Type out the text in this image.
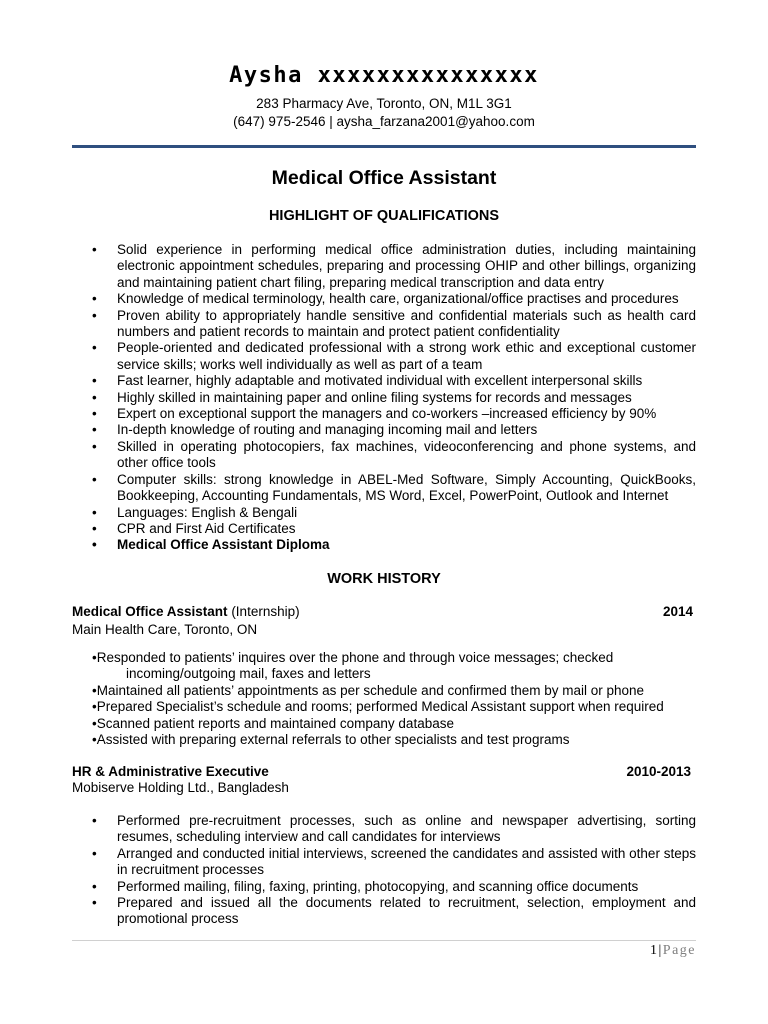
Aysha xxxxxxxxxxxxxxx
283 Pharmacy Ave, Toronto, ON, M1L 3G1
(647) 975-2546 | aysha_farzana2001@yahoo.com
Medical Office Assistant
HIGHLIGHT OF QUALIFICATIONS
• Solid experience in performing medical office administration duties, including maintaining electronic appointment schedules, preparing and processing OHIP and other billings, organizing and maintaining patient chart filing, preparing medical transcription and data entry
• Knowledge of medical terminology, health care, organizational/office practises and procedures
• Proven ability to appropriately handle sensitive and confidential materials such as health card numbers and patient records to maintain and protect patient confidentiality
• People-oriented and dedicated professional with a strong work ethic and exceptional customer service skills; works well individually as well as part of a team
• Fast learner, highly adaptable and motivated individual with excellent interpersonal skills
• Highly skilled in maintaining paper and online filing systems for records and messages
• Expert on exceptional support the managers and co-workers –increased efficiency by 90%
• In-depth knowledge of routing and managing incoming mail and letters
• Skilled in operating photocopiers, fax machines, videoconferencing and phone systems, and other office tools
• Computer skills: strong knowledge in ABEL-Med Software, Simply Accounting, QuickBooks, Bookkeeping, Accounting Fundamentals, MS Word, Excel, PowerPoint, Outlook and Internet
• Languages: English & Bengali
• CPR and First Aid Certificates
• Medical Office Assistant Diploma
WORK HISTORY
Medical Office Assistant (Internship)	2014
Main Health Care, Toronto, ON
•Responded to patients’ inquires over the phone and through voice messages; checked
incoming/outgoing mail, faxes and letters
•Maintained all patients’ appointments as per schedule and confirmed them by mail or phone
•Prepared Specialist’s schedule and rooms; performed Medical Assistant support when required
•Scanned patient reports and maintained company database
•Assisted with preparing external referrals to other specialists and test programs
HR & Administrative Executive	2010-2013
Mobiserve Holding Ltd., Bangladesh
• Performed pre-recruitment processes, such as online and newspaper advertising, sorting resumes, scheduling interview and call candidates for interviews
• Arranged and conducted initial interviews, screened the candidates and assisted with other steps in recruitment processes
• Performed mailing, filing, faxing, printing, photocopying, and scanning office documents
• Prepared and issued all the documents related to recruitment, selection, employment and promotional process
1|Page
